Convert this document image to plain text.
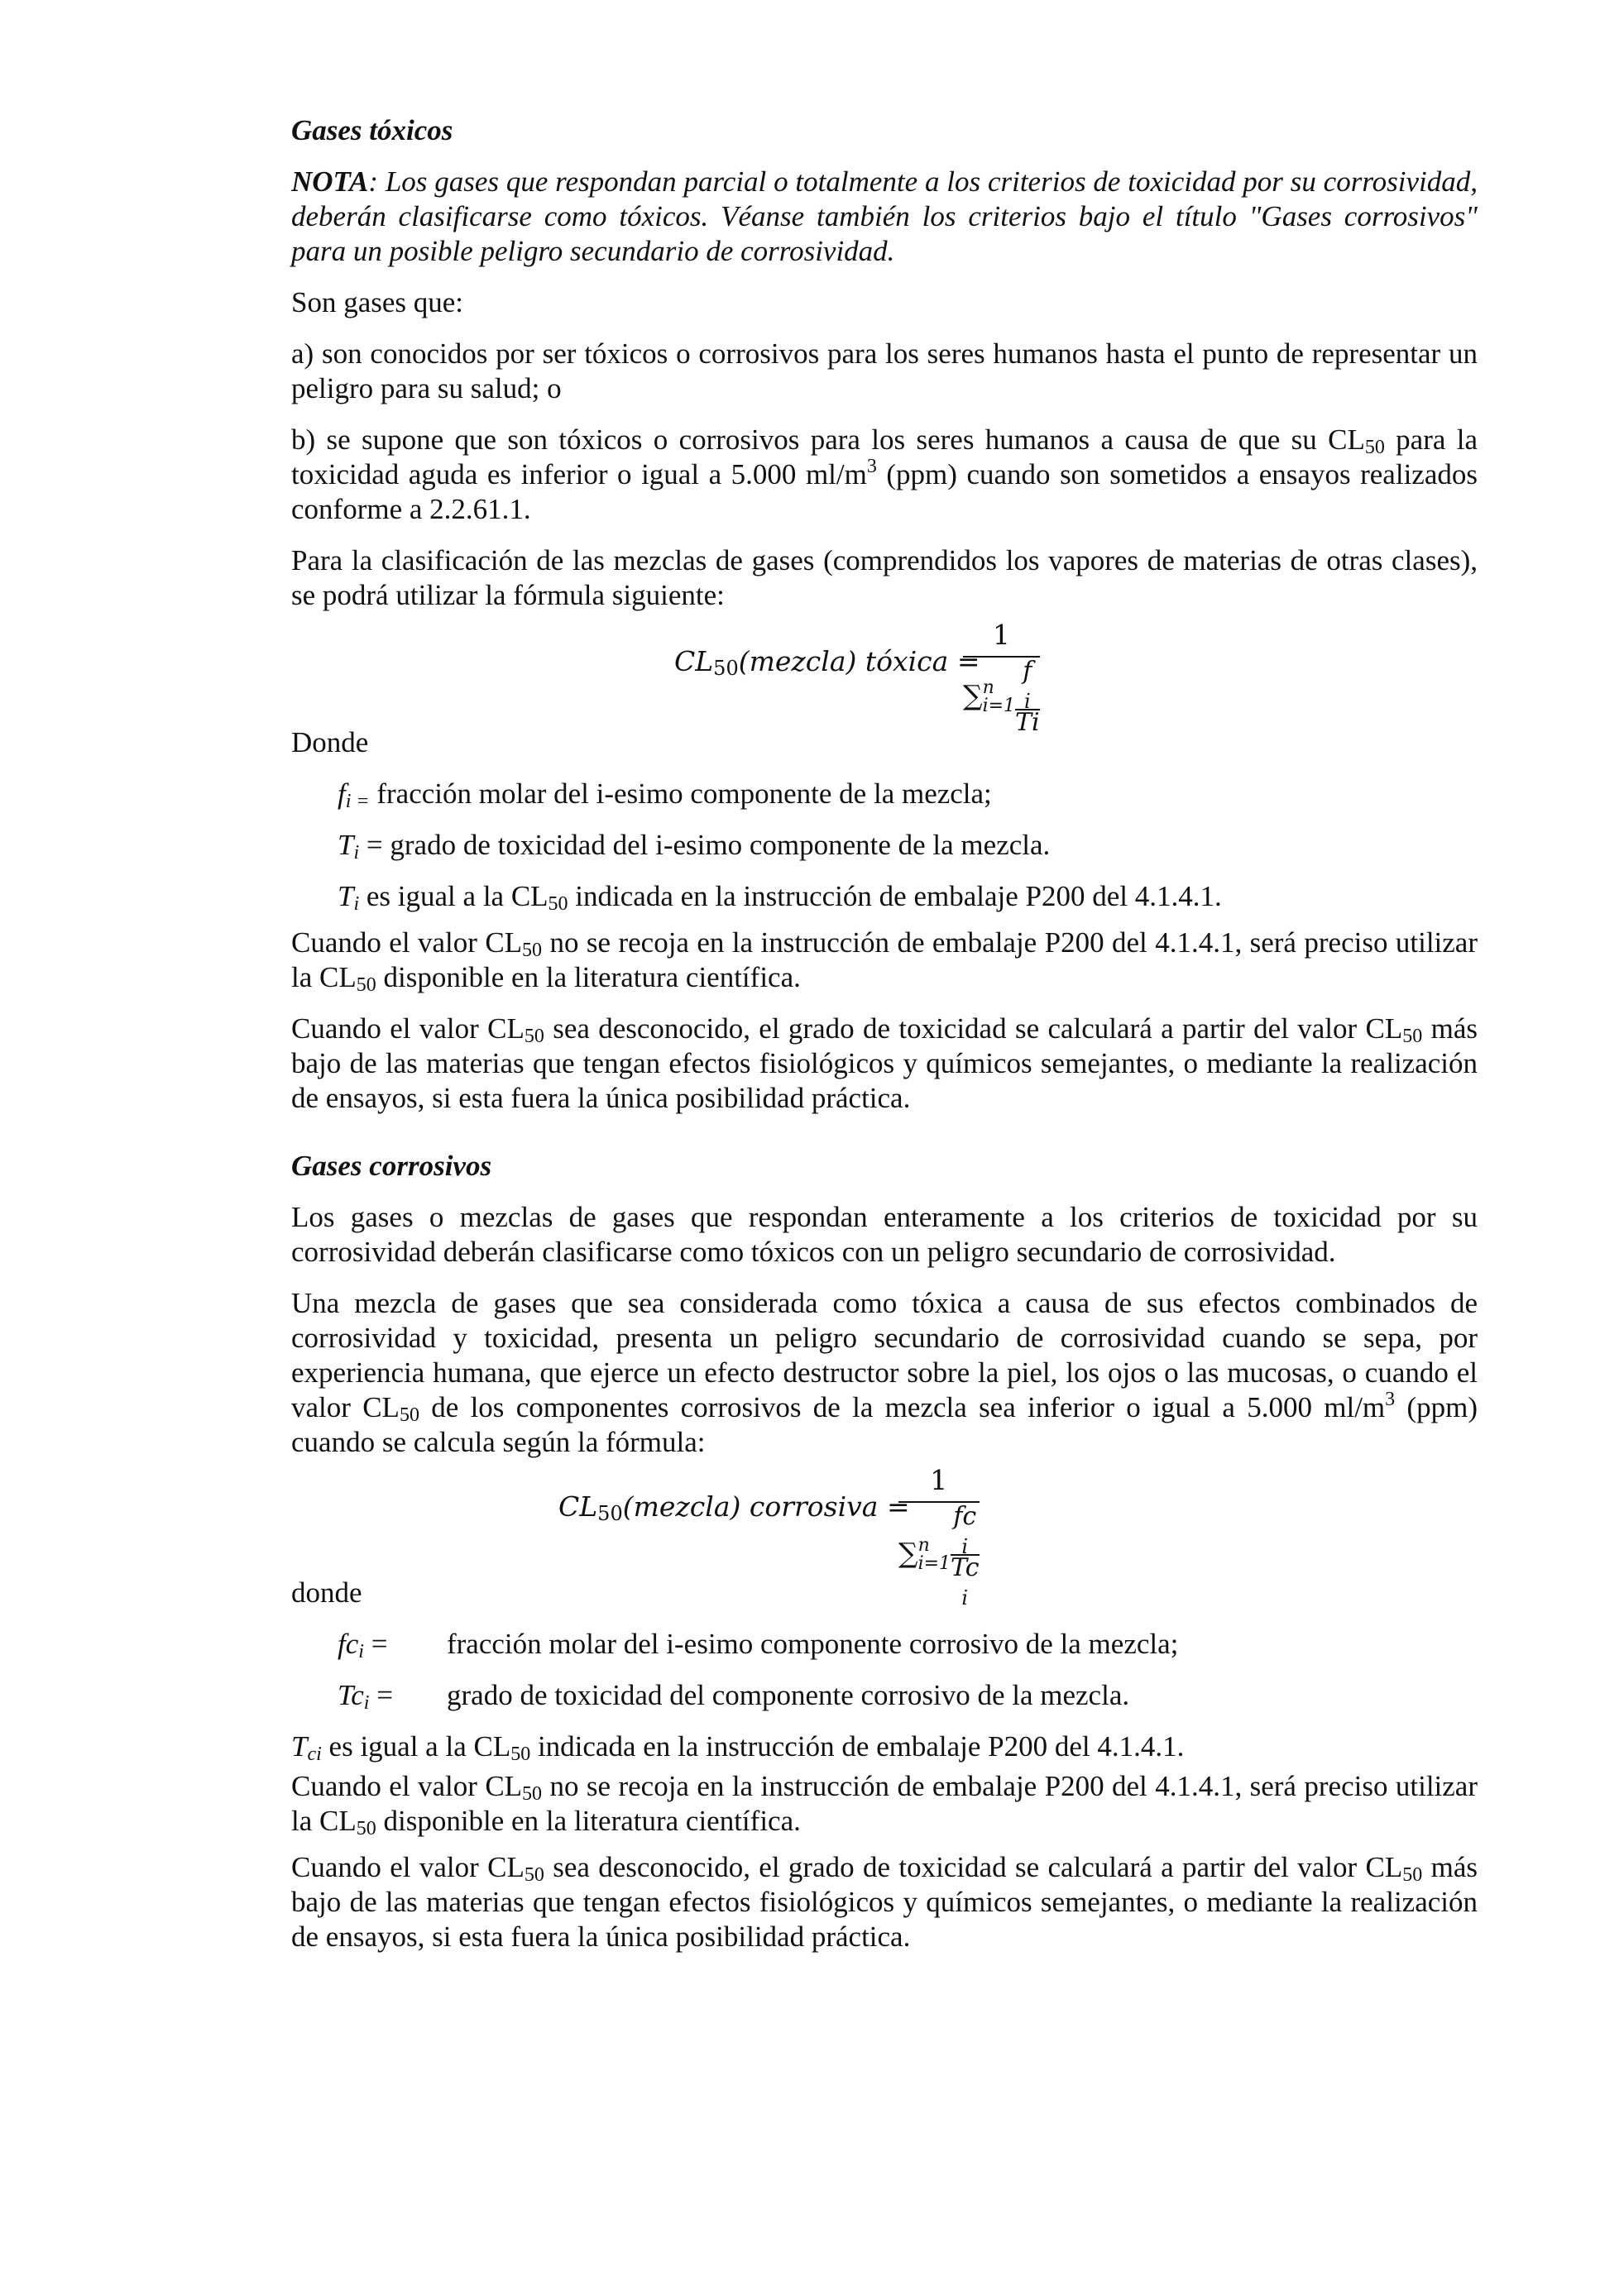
Gases tóxicos

NOTA: Los gases que respondan parcial o totalmente a los criterios de toxicidad por su corrosividad, deberán clasificarse como tóxicos. Véanse también los criterios bajo el título "Gases corrosivos" para un posible peligro secundario de corrosividad.

Son gases que:

a) son conocidos por ser tóxicos o corrosivos para los seres humanos hasta el punto de representar un peligro para su salud; o

b) se supone que son tóxicos o corrosivos para los seres humanos a causa de que su $CL_{50}$ para la toxicidad aguda es inferior o igual a 5.000 $ml/m^3$ (ppm) cuando son sometidos a ensayos realizados conforme a 2.2.61.1.

Para la clasificación de las mezclas de gases (comprendidos los vapores de materias de otras clases), se podrá utilizar la fórmula siguiente:

$CL_{50}(mezcla)$ tóxica =
1
∑ n
i=1 f
$_i$
Ti

Donde

$f_{i =}$ fracción molar del i-esimo componente de la mezcla;

$T_i$ = grado de toxicidad del i-esimo componente de la mezcla.

$T_i$ es igual a la $CL_{50}$ indicada en la instrucción de embalaje P200 del 4.1.4.1.

Cuando el valor $CL_{50}$ no se recoja en la instrucción de embalaje P200 del 4.1.4.1, será preciso utilizar la $CL_{50}$ disponible en la literatura científica.

Cuando el valor $CL_{50}$ sea desconocido, el grado de toxicidad se calculará a partir del valor $CL_{50}$ más bajo de las materias que tengan efectos fisiológicos y químicos semejantes, o mediante la realización de ensayos, si esta fuera la única posibilidad práctica.

Gases corrosivos

Los gases o mezclas de gases que respondan enteramente a los criterios de toxicidad por su corrosividad deberán clasificarse como tóxicos con un peligro secundario de corrosividad.

Una mezcla de gases que sea considerada como tóxica a causa de sus efectos combinados de corrosividad y toxicidad, presenta un peligro secundario de corrosividad cuando se sepa, por experiencia humana, que ejerce un efecto destructor sobre la piel, los ojos o las mucosas, o cuando el valor $CL_{50}$ de los componentes corrosivos de la mezcla sea inferior o igual a 5.000 $ml/m^3$ (ppm) cuando se calcula según la fórmula:

$CL_{50}(mezcla)$ corrosiva =
1
∑ n
i=1 fc
$_i$
Tc
$_i$

donde

$fc_i$ = fracción molar del i-esimo componente corrosivo de la mezcla;
$Tc_i$ = grado de toxicidad del componente corrosivo de la mezcla.

$T_{ci}$ es igual a la $CL_{50}$ indicada en la instrucción de embalaje P200 del 4.1.4.1.

Cuando el valor $CL_{50}$ no se recoja en la instrucción de embalaje P200 del 4.1.4.1, será preciso utilizar la $CL_{50}$ disponible en la literatura científica.

Cuando el valor $CL_{50}$ sea desconocido, el grado de toxicidad se calculará a partir del valor $CL_{50}$ más bajo de las materias que tengan efectos fisiológicos y químicos semejantes, o mediante la realización de ensayos, si esta fuera la única posibilidad práctica.
